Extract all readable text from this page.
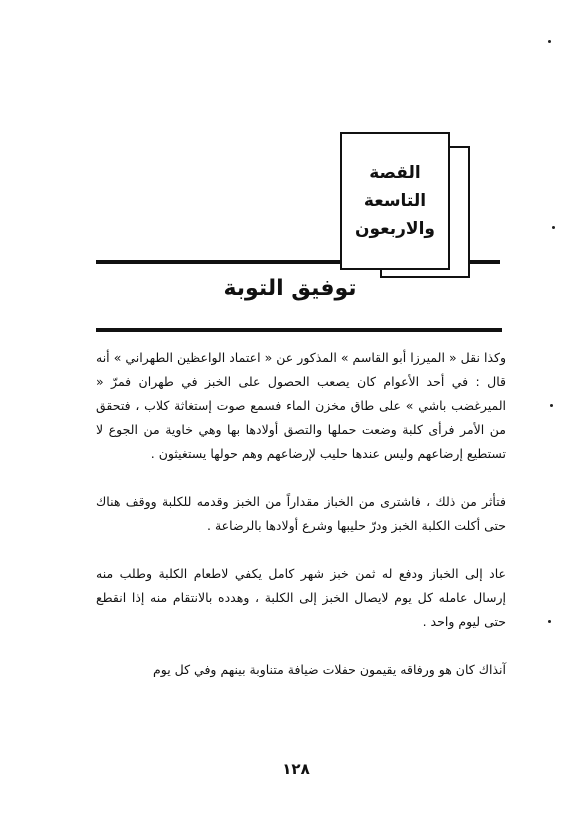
القصة
التاسعة
والاربعون
توفيق التوبة

وكذا نقل « الميرزا أبو القاسم » المذكور عن « اعتماد الواعظين الطهراني » أنه قال : في أحد الأعوام كان يصعب الحصول على الخبز في طهران فمرّ « الميرغضب باشي » على طاق مخزن الماء فسمع صوت إستغاثة كلاب ، فتحقق من الأمر فرأى كلبة وضعت حملها والتصق أولادها بها وهي خاوية من الجوع لا تستطيع إرضاعهم وليس عندها حليب لإرضاعهم وهم حولها يستغيثون .

فتأثر من ذلك ، فاشترى من الخباز مقداراً من الخبز وقدمه للكلبة ووقف هناك حتى أكلت الكلبة الخبز ودرّ حليبها وشرع أولادها بالرضاعة .

عاد إلى الخباز ودفع له ثمن خبز شهر كامل يكفي لاطعام الكلبة وطلب منه إرسال عامله كل يوم لايصال الخبز إلى الكلبة ، وهدده بالانتقام منه إذا انقطع حتى ليوم واحد .

آنذاك كان هو ورفاقه يقيمون حفلات ضيافة متناوبة بينهم وفي كل يوم

١٢٨
